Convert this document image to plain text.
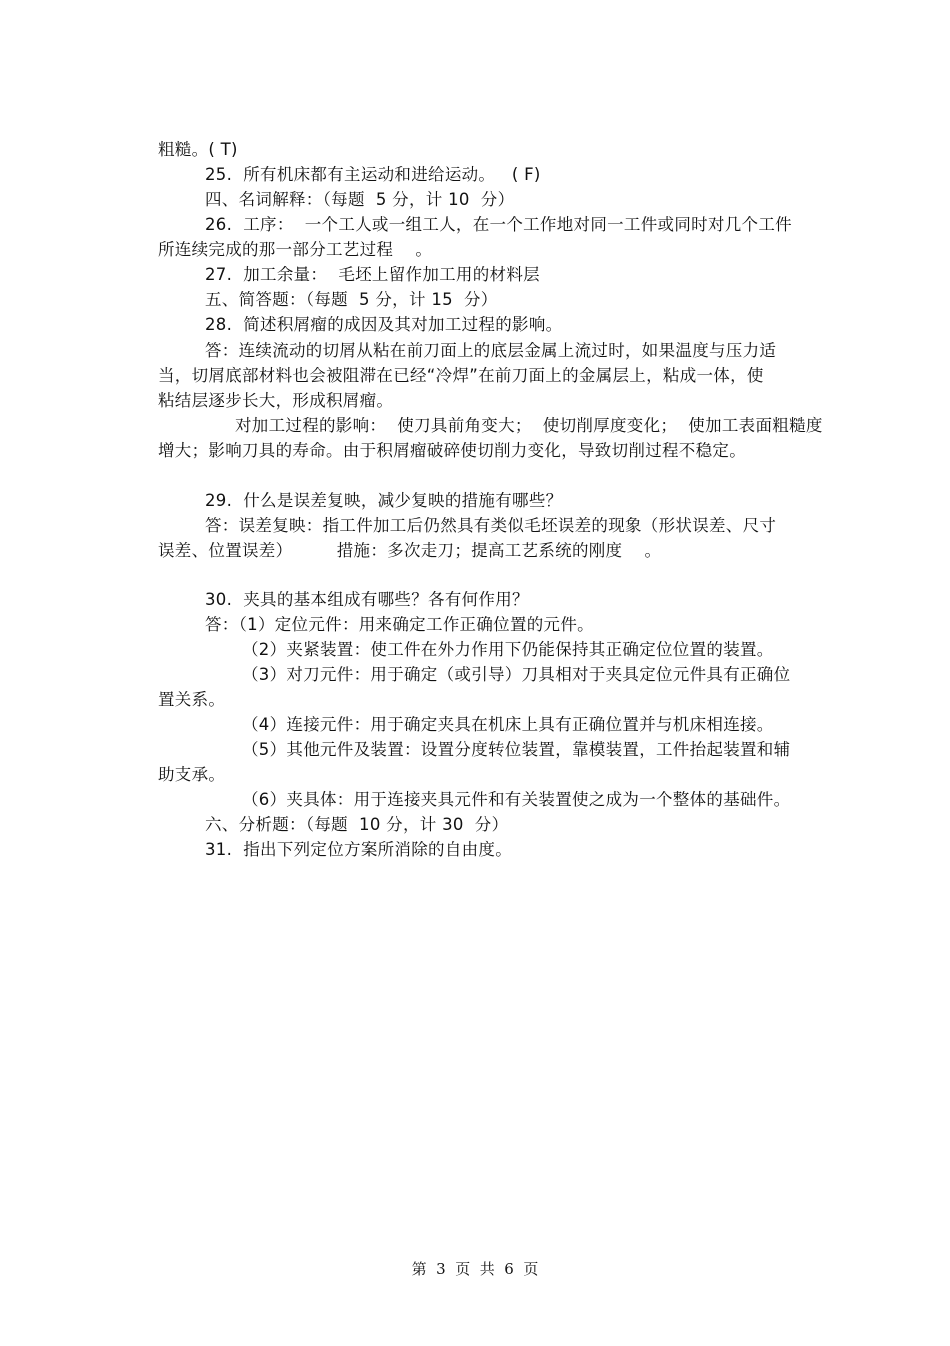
粗糙。( T)
25.  所有机床都有主运动和进给运动。   ( F)
四、名词解释：（每题  5 分，计 10  分）
26.  工序：  一个工人或一组工人，在一个工作地对同一工件或同时对几个工件
所连续完成的那一部分工艺过程    。
27.  加工余量：  毛坯上留作加工用的材料层
五、简答题：（每题  5 分，计 15  分）
28.  简述积屑瘤的成因及其对加工过程的影响。
答：连续流动的切屑从粘在前刀面上的底层金属上流过时，如果温度与压力适
当，切屑底部材料也会被阻滞在已经“冷焊”在前刀面上的金属层上，粘成一体，使
粘结层逐步长大，形成积屑瘤。
对加工过程的影响：  使刀具前角变大；  使切削厚度变化；  使加工表面粗糙度
增大；影响刀具的寿命。由于积屑瘤破碎使切削力变化，导致切削过程不稳定。
29.  什么是误差复映，减少复映的措施有哪些？
答：误差复映：指工件加工后仍然具有类似毛坯误差的现象（形状误差、尺寸
误差、位置误差）        措施：多次走刀；提高工艺系统的刚度    。
30.  夹具的基本组成有哪些？各有何作用？
答：（1）定位元件：用来确定工作正确位置的元件。
（2）夹紧装置：使工件在外力作用下仍能保持其正确定位位置的装置。
（3）对刀元件：用于确定（或引导）刀具相对于夹具定位元件具有正确位
置关系。
（4）连接元件：用于确定夹具在机床上具有正确位置并与机床相连接。
（5）其他元件及装置：设置分度转位装置，靠模装置，工件抬起装置和辅
助支承。
（6）夹具体：用于连接夹具元件和有关装置使之成为一个整体的基础件。
六、分析题：（每题  10 分，计 30  分）
31.  指出下列定位方案所消除的自由度。
第  3  页  共  6  页
